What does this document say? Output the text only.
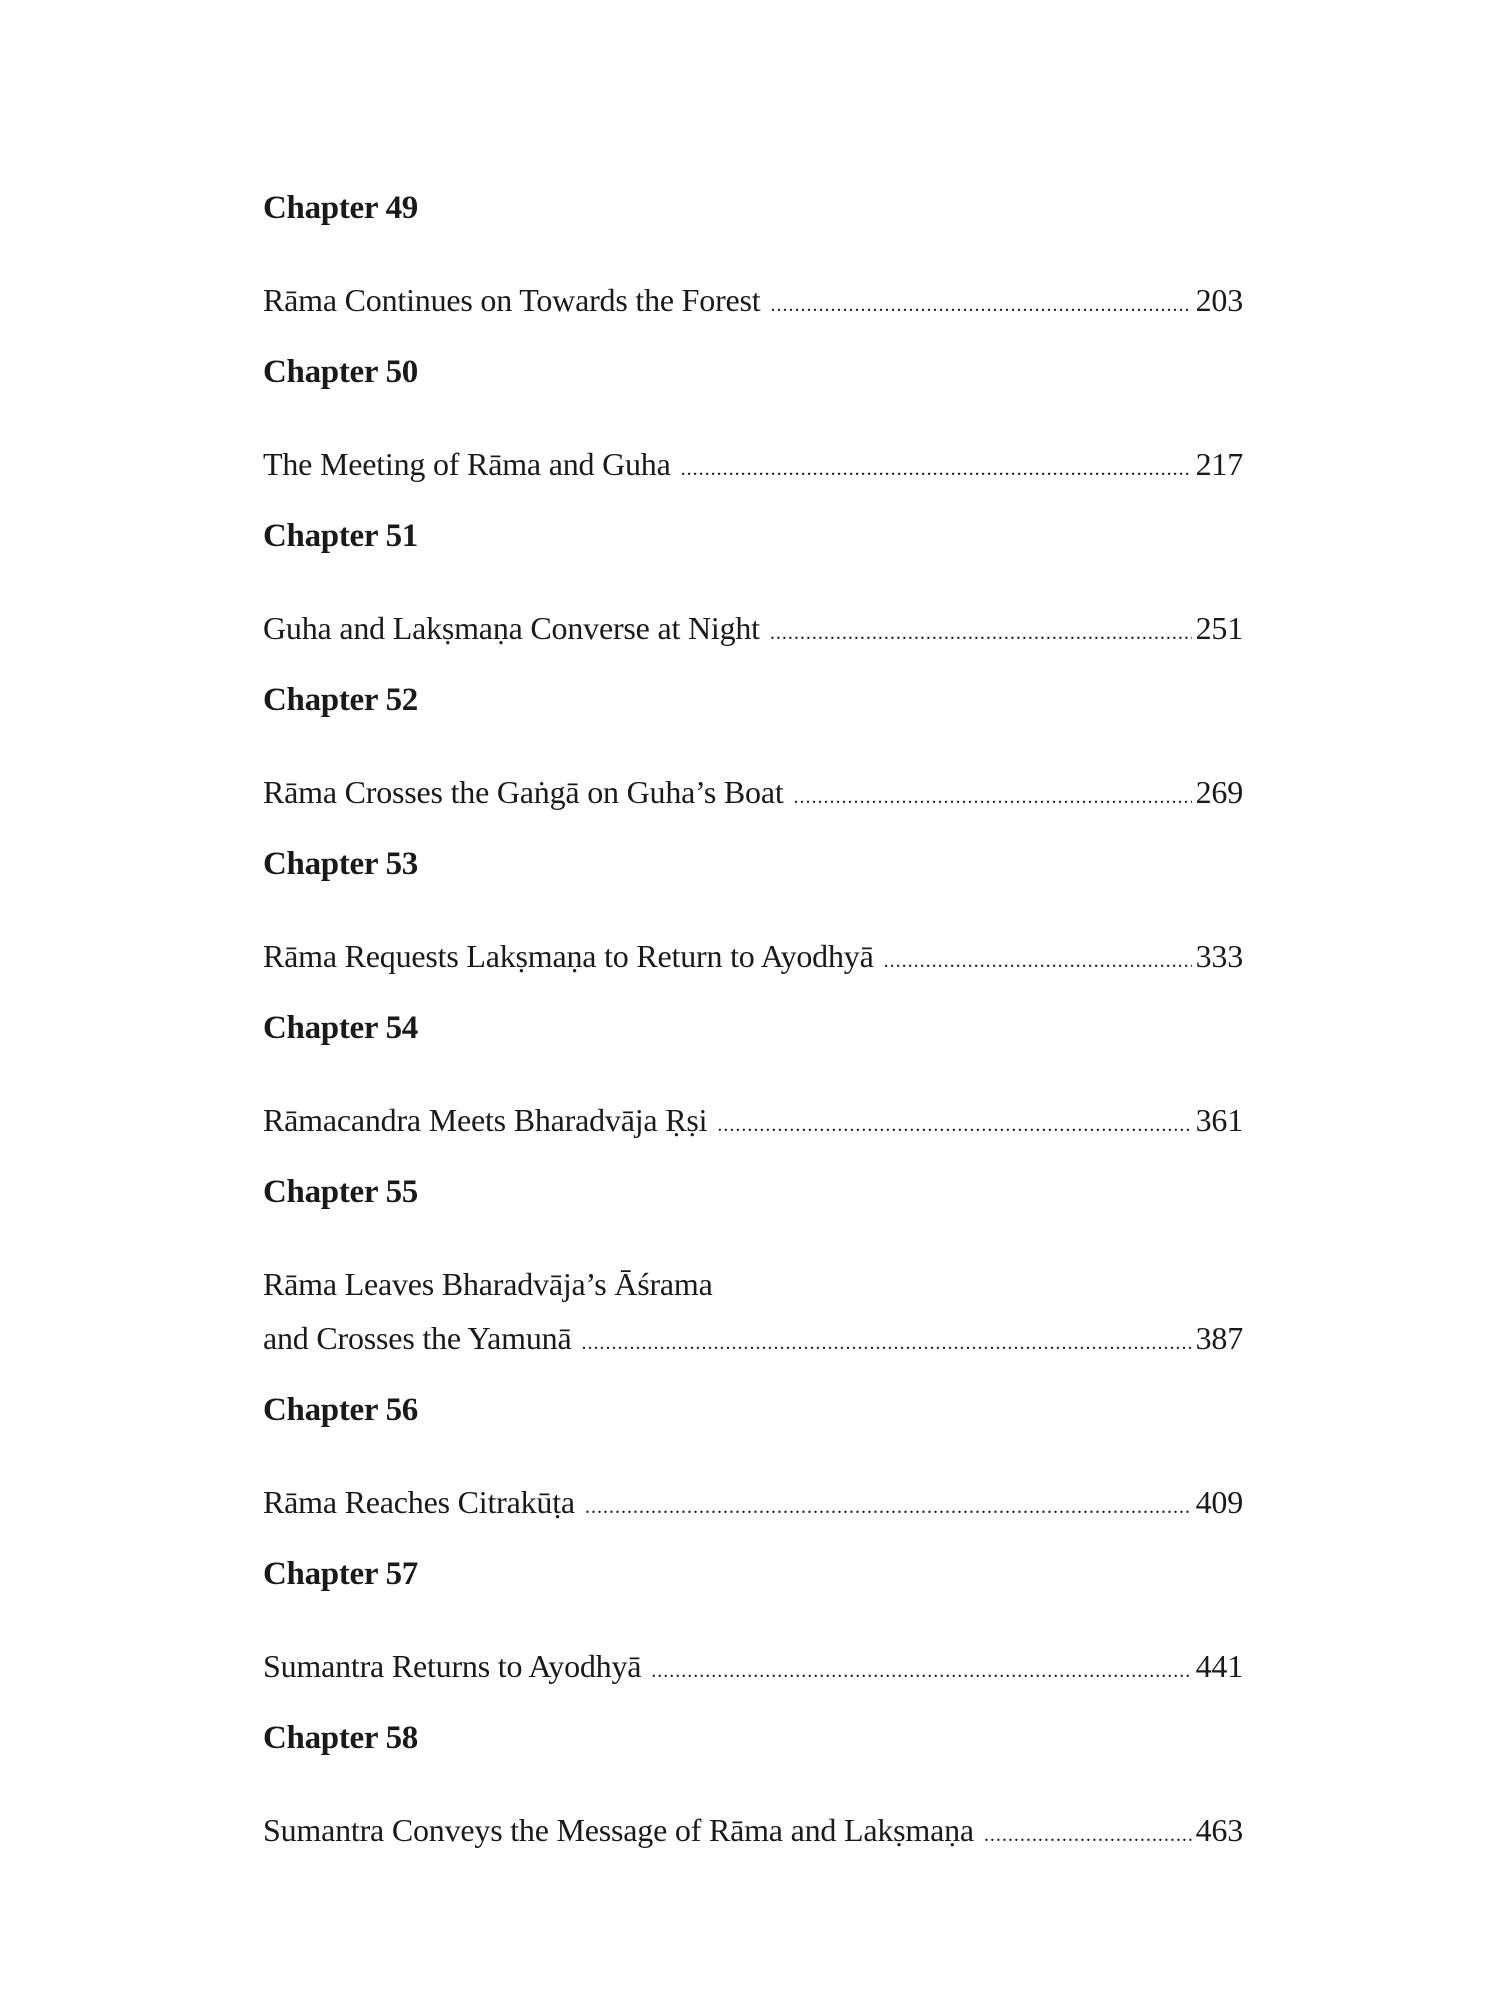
Chapter 49
Rāma Continues on Towards the Forest .....	203
Chapter 50
The Meeting of Rāma and Guha .....	217
Chapter 51
Guha and Lakṣmaṇa Converse at Night .....	251
Chapter 52
Rāma Crosses the Gaṅgā on Guha’s Boat .....	269
Chapter 53
Rāma Requests Lakṣmaṇa to Return to Ayodhyā .....	333
Chapter 54
Rāmacandra Meets Bharadvāja Ṛṣi .....	361
Chapter 55
Rāma Leaves Bharadvāja’s Āśrama
and Crosses the Yamunā .....	387
Chapter 56
Rāma Reaches Citrakūṭa .....	409
Chapter 57
Sumantra Returns to Ayodhyā .....	441
Chapter 58
Sumantra Conveys the Message of Rāma and Lakṣmaṇa .....	463
